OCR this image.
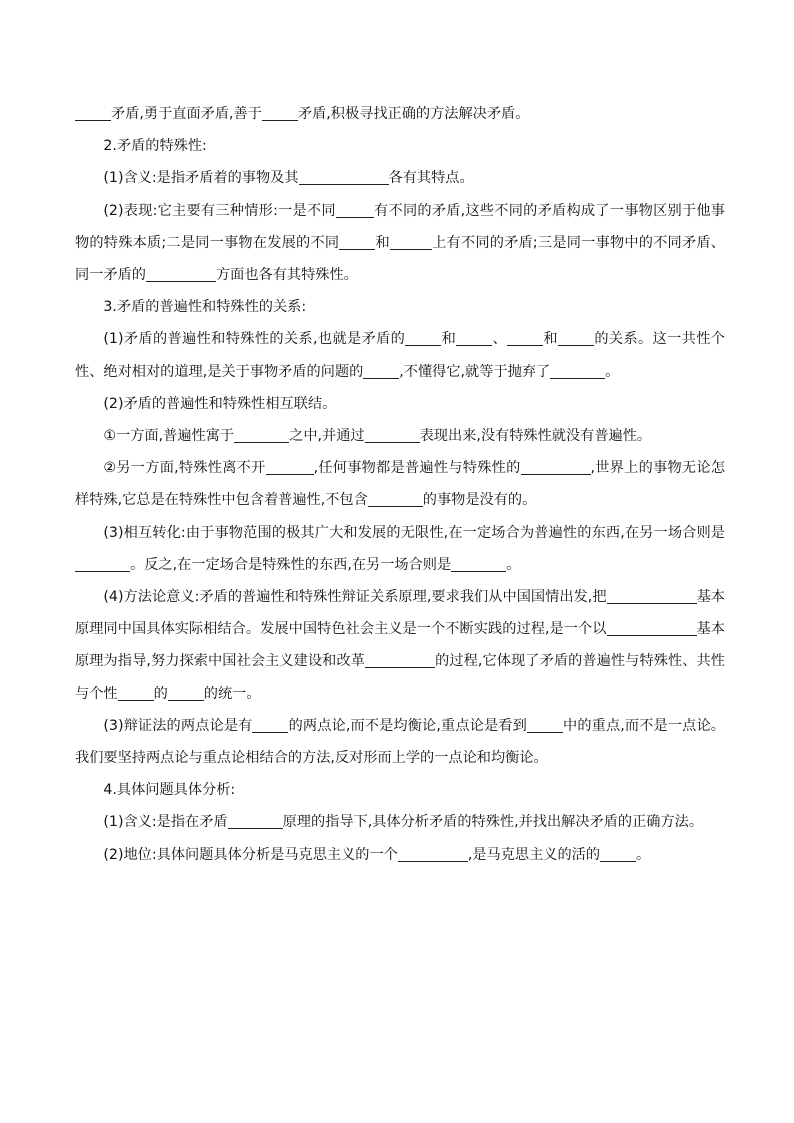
矛盾,勇于直面矛盾,善于	矛盾,积极寻找正确的方法解决矛盾。

2.矛盾的特殊性:

(1)含义:是指矛盾着的事物及其	各有其特点。

(2)表现:它主要有三种情形:一是不同	有不同的矛盾,这些不同的矛盾构成了一事物区别于他事物的特殊本质;二是同一事物在发展的不同	和	上有不同的矛盾;三是同一事物中的不同矛盾、同一矛盾的	方面也各有其特殊性。

3.矛盾的普遍性和特殊性的关系:

(1)矛盾的普遍性和特殊性的关系,也就是矛盾的	和	、	和	的关系。这一共性个性、绝对相对的道理,是关于事物矛盾的问题的	,不懂得它,就等于抛弃了	。

(2)矛盾的普遍性和特殊性相互联结。

①一方面,普遍性寓于	之中,并通过	表现出来,没有特殊性就没有普遍性。

②另一方面,特殊性离不开	,任何事物都是普遍性与特殊性的	,世界上的事物无论怎样特殊,它总是在特殊性中包含着普遍性,不包含	的事物是没有的。

(3)相互转化:由于事物范围的极其广大和发展的无限性,在一定场合为普遍性的东西,在另一场合则是。反之,在一定场合是特殊性的东西,在另一场合则是	。

(4)方法论意义:矛盾的普遍性和特殊性辩证关系原理,要求我们从中国国情出发,把	基本原理同中国具体实际相结合。发展中国特色社会主义是一个不断实践的过程,是一个以	基本原理为指导,努力探索中国社会主义建设和改革	的过程,它体现了矛盾的普遍性与特殊性、共性与个性	的	的统一。

(3)辩证法的两点论是有	的两点论,而不是均衡论,重点论是看到	中的重点,而不是一点论。我们要坚持两点论与重点论相结合的方法,反对形而上学的一点论和均衡论。

4.具体问题具体分析:

(1)含义:是指在矛盾	原理的指导下,具体分析矛盾的特殊性,并找出解决矛盾的正确方法。

(2)地位:具体问题具体分析是马克思主义的一个	,是马克思主义的活的	。
